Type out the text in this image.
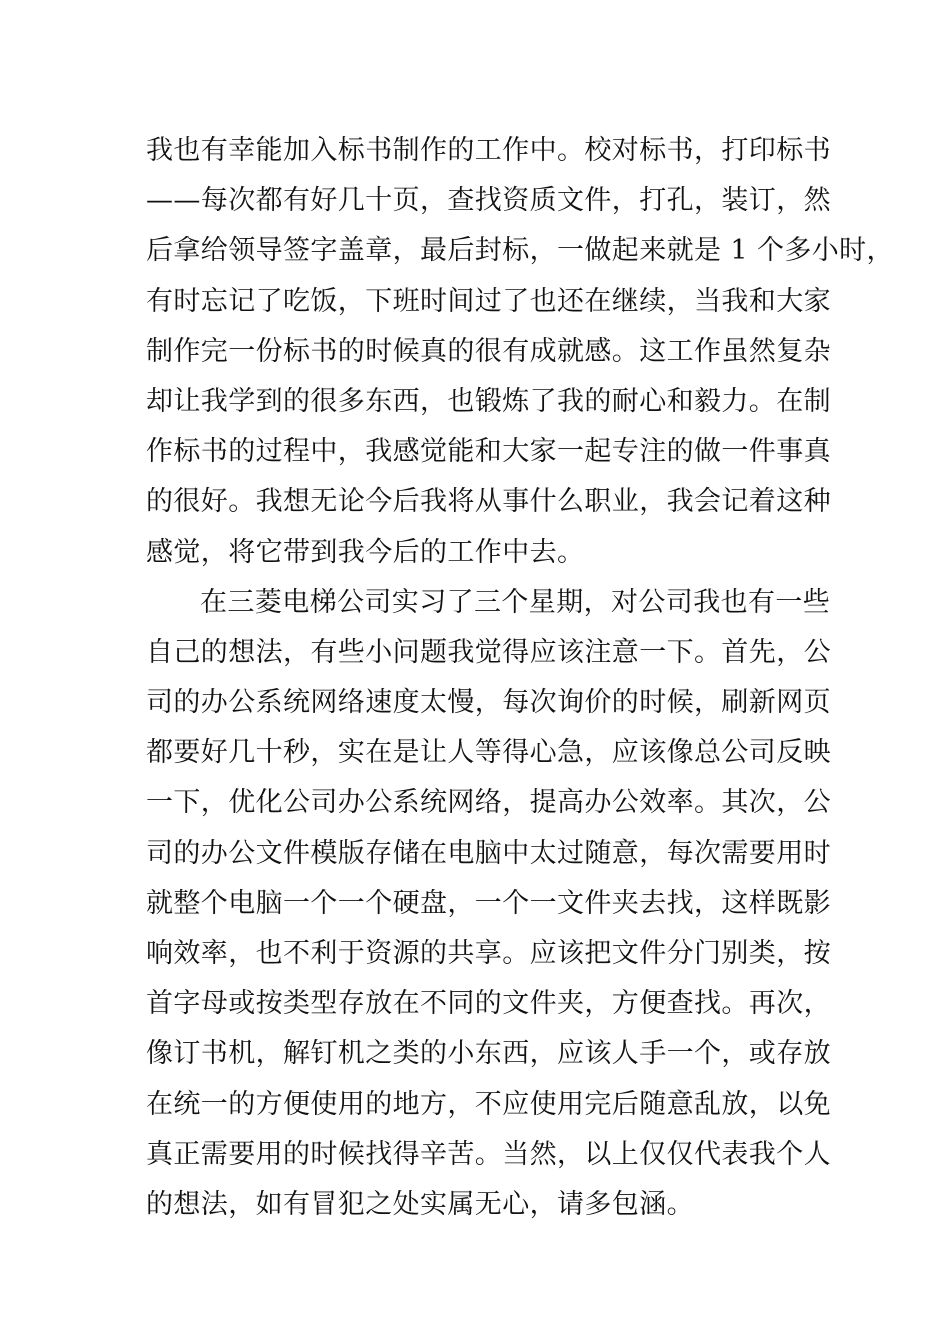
我也有幸能加入标书制作的工作中。校对标书，打印标书
——每次都有好几十页，查找资质文件，打孔，装订，然
后拿给领导签字盖章，最后封标，一做起来就是 1 个多小时，
有时忘记了吃饭，下班时间过了也还在继续，当我和大家
制作完一份标书的时候真的很有成就感。这工作虽然复杂
却让我学到的很多东西，也锻炼了我的耐心和毅力。在制
作标书的过程中，我感觉能和大家一起专注的做一件事真
的很好。我想无论今后我将从事什么职业，我会记着这种
感觉，将它带到我今后的工作中去。
在三菱电梯公司实习了三个星期，对公司我也有一些
自己的想法，有些小问题我觉得应该注意一下。首先，公
司的办公系统网络速度太慢，每次询价的时候，刷新网页
都要好几十秒，实在是让人等得心急，应该像总公司反映
一下，优化公司办公系统网络，提高办公效率。其次，公
司的办公文件模版存储在电脑中太过随意，每次需要用时
就整个电脑一个一个硬盘，一个一文件夹去找，这样既影
响效率，也不利于资源的共享。应该把文件分门别类，按
首字母或按类型存放在不同的文件夹，方便查找。再次，
像订书机，解钉机之类的小东西，应该人手一个，或存放
在统一的方便使用的地方，不应使用完后随意乱放，以免
真正需要用的时候找得辛苦。当然，以上仅仅代表我个人
的想法，如有冒犯之处实属无心，请多包涵。
